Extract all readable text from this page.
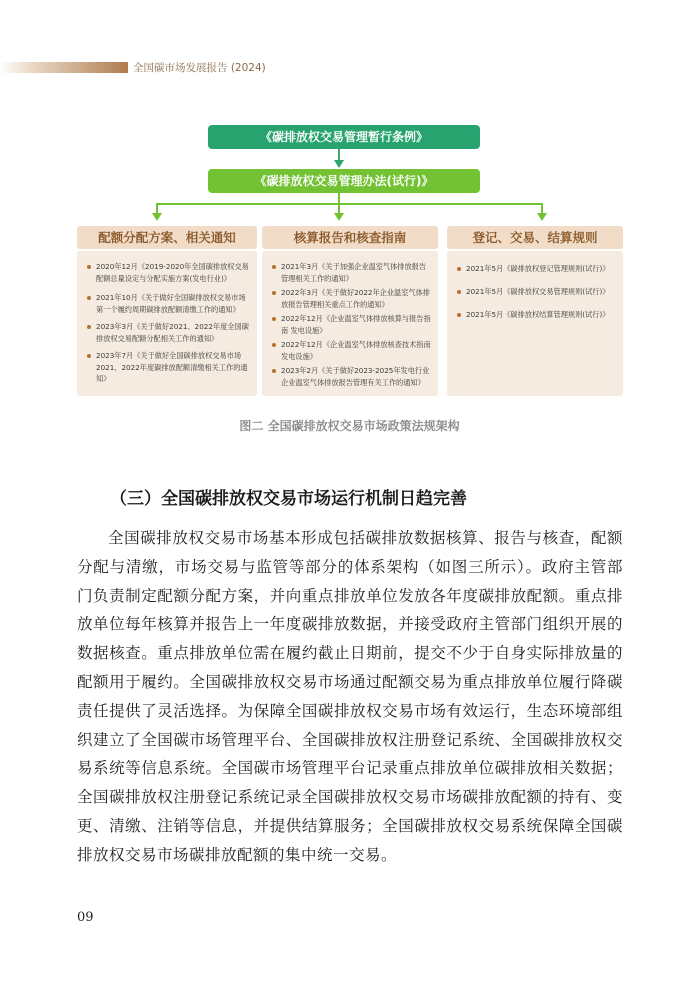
全国碳市场发展报告 (2024)
《碳排放权交易管理暂行条例》
《碳排放权交易管理办法(试行)》
配额分配方案、相关通知
2020年12月《2019-2020年全国碳排放权交易配额总量设定与分配实施方案(发电行业)》
2021年10月《关于做好全国碳排放权交易市场第一个履约周期碳排放配额清缴工作的通知》
2023年3月《关于做好2021、2022年度全国碳排放权交易配额分配相关工作的通知》
2023年7月《关于做好全国碳排放权交易市场2021、2022年度碳排放配额清缴相关工作的通知》
核算报告和核查指南
2021年3月《关于加强企业温室气体排放报告管理相关工作的通知》
2022年3月《关于做好2022年企业温室气体排放报告管理相关重点工作的通知》
2022年12月《企业温室气体排放核算与报告指南 发电设施》
2022年12月《企业温室气体排放核查技术指南 发电设施》
2023年2月《关于做好2023-2025年发电行业企业温室气体排放报告管理有关工作的通知》
登记、交易、结算规则
2021年5月《碳排放权登记管理规则(试行)》
2021年5月《碳排放权交易管理规则(试行)》
2021年5月《碳排放权结算管理规则(试行)》
图二 全国碳排放权交易市场政策法规架构
（三）全国碳排放权交易市场运行机制日趋完善
全国碳排放权交易市场基本形成包括碳排放数据核算、报告与核查，配额分配与清缴，市场交易与监管等部分的体系架构（如图三所示）。政府主管部门负责制定配额分配方案，并向重点排放单位发放各年度碳排放配额。重点排放单位每年核算并报告上一年度碳排放数据，并接受政府主管部门组织开展的数据核查。重点排放单位需在履约截止日期前，提交不少于自身实际排放量的配额用于履约。全国碳排放权交易市场通过配额交易为重点排放单位履行降碳责任提供了灵活选择。为保障全国碳排放权交易市场有效运行，生态环境部组织建立了全国碳市场管理平台、全国碳排放权注册登记系统、全国碳排放权交易系统等信息系统。全国碳市场管理平台记录重点排放单位碳排放相关数据；全国碳排放权注册登记系统记录全国碳排放权交易市场碳排放配额的持有、变更、清缴、注销等信息，并提供结算服务；全国碳排放权交易系统保障全国碳排放权交易市场碳排放配额的集中统一交易。
09
